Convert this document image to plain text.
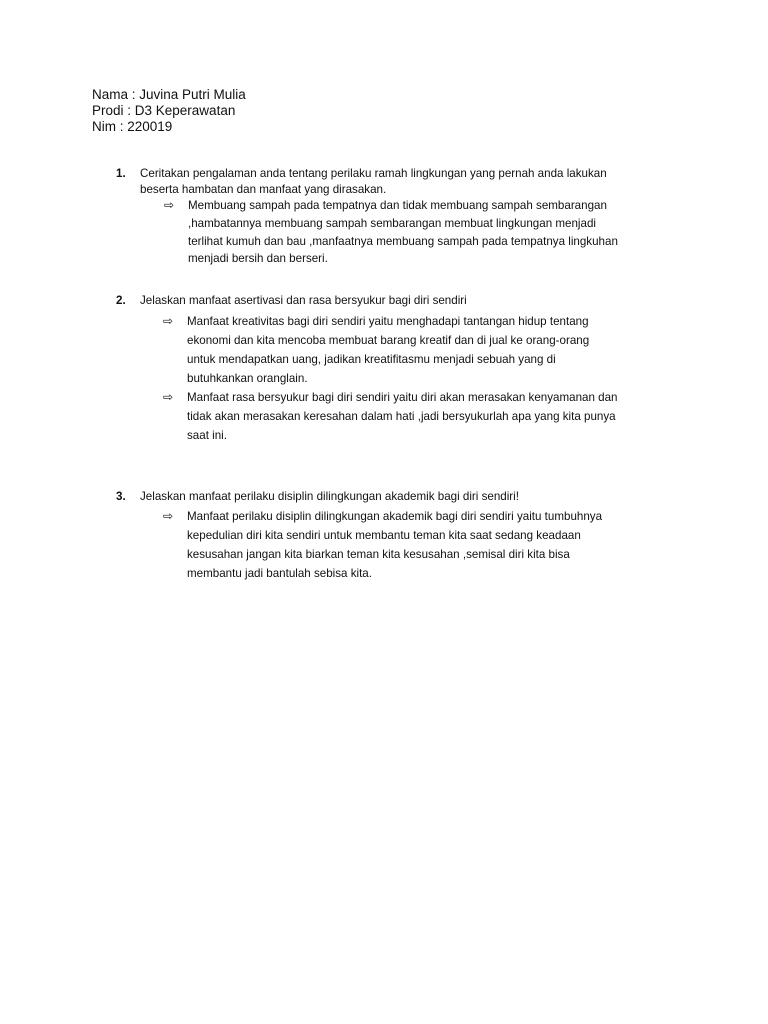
Nama : Juvina Putri Mulia
Prodi : D3 Keperawatan
Nim : 220019
1. Ceritakan pengalaman anda tentang perilaku ramah lingkungan yang pernah anda lakukan
beserta hambatan dan manfaat yang dirasakan.
⇨ Membuang sampah pada tempatnya dan tidak membuang sampah sembarangan
,hambatannya membuang sampah sembarangan membuat lingkungan menjadi
terlihat kumuh dan bau ,manfaatnya membuang sampah pada tempatnya lingkuhan
menjadi bersih dan berseri.
2. Jelaskan manfaat asertivasi dan rasa bersyukur bagi diri sendiri
⇨ Manfaat kreativitas bagi diri sendiri yaitu menghadapi tantangan hidup tentang
ekonomi dan kita mencoba membuat barang kreatif dan di jual ke orang-orang
untuk mendapatkan uang, jadikan kreatifitasmu menjadi sebuah yang di
butuhkankan oranglain.
⇨ Manfaat rasa bersyukur bagi diri sendiri yaitu diri akan merasakan kenyamanan dan
tidak akan merasakan keresahan dalam hati ,jadi bersyukurlah apa yang kita punya
saat ini.
3. Jelaskan manfaat perilaku disiplin dilingkungan akademik bagi diri sendiri!
⇨ Manfaat perilaku disiplin dilingkungan akademik bagi diri sendiri yaitu tumbuhnya
kepedulian diri kita sendiri untuk membantu teman kita saat sedang keadaan
kesusahan jangan kita biarkan teman kita kesusahan ,semisal diri kita bisa
membantu jadi bantulah sebisa kita.
